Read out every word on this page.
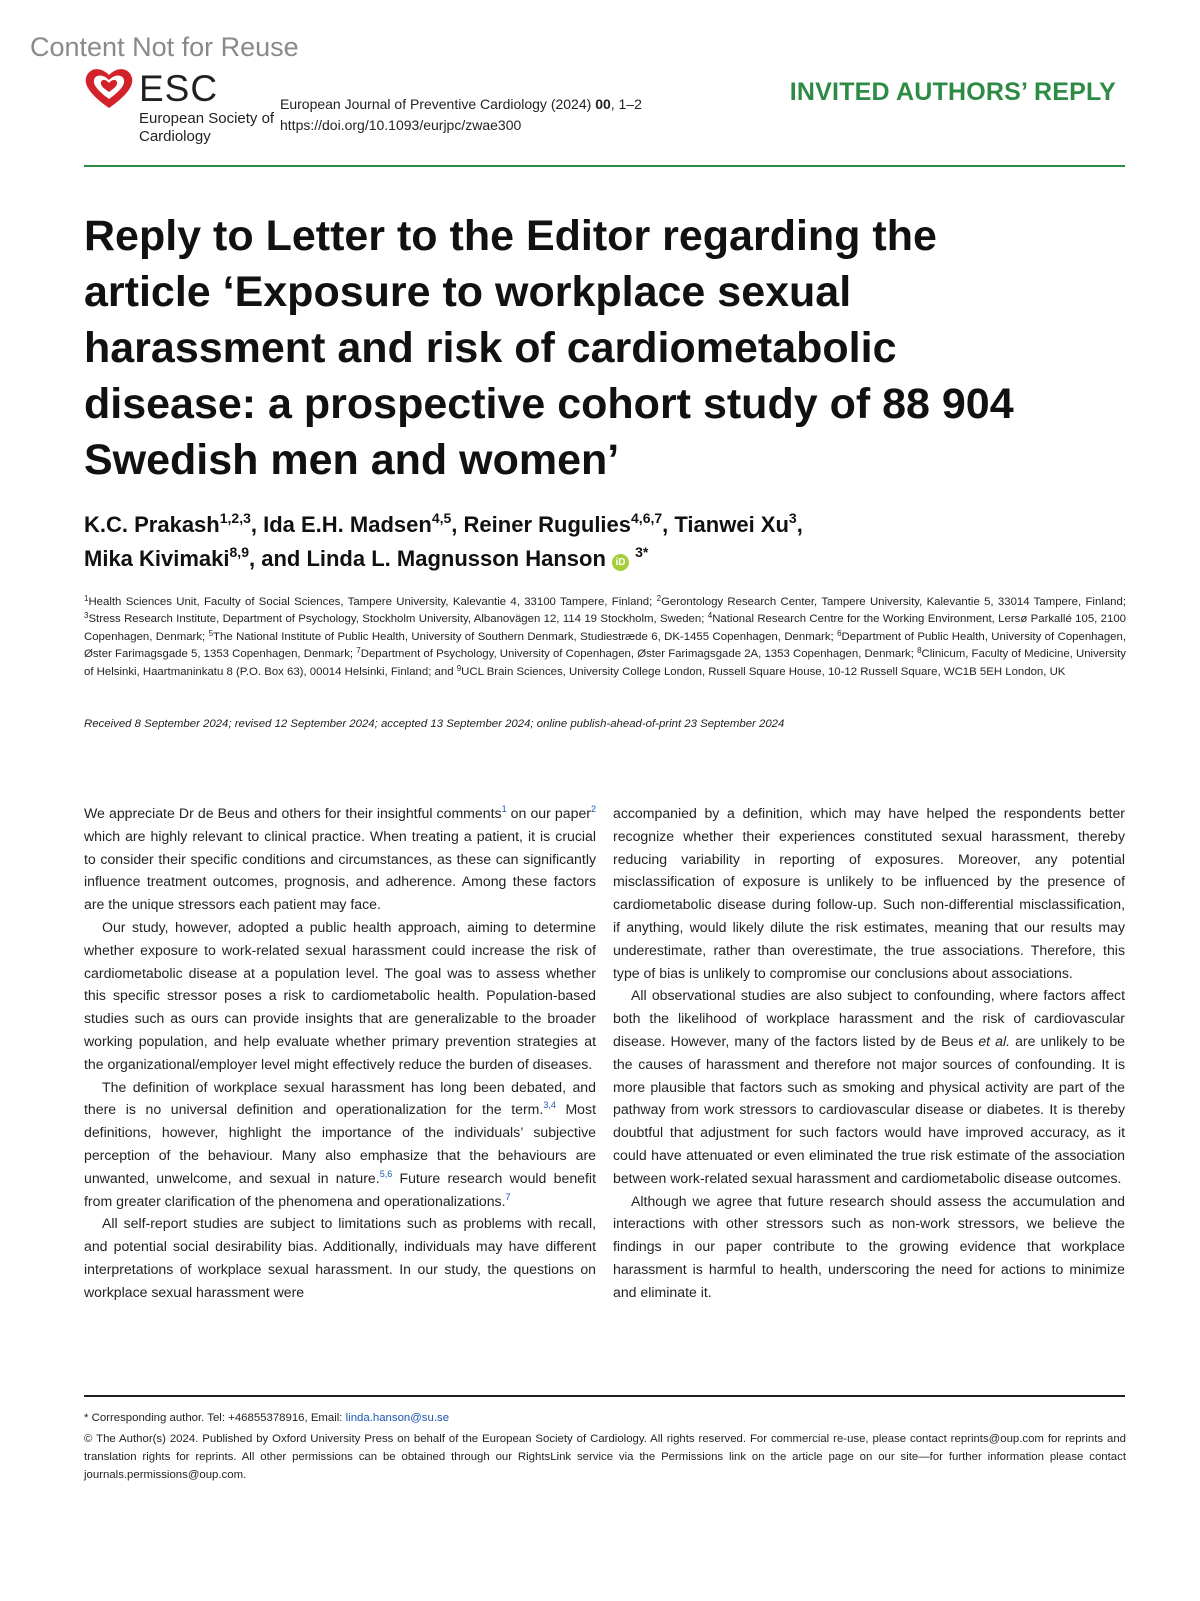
Content Not for Reuse
ESC
European Society of Cardiology
European Journal of Preventive Cardiology (2024) 00, 1–2
https://doi.org/10.1093/eurjpc/zwae300
INVITED AUTHORS’ REPLY
Reply to Letter to the Editor regarding the article ‘Exposure to workplace sexual harassment and risk of cardiometabolic disease: a prospective cohort study of 88 904 Swedish men and women’
K.C. Prakash$^{1,2,3}$, Ida E.H. Madsen$^{4,5}$, Reiner Rugulies$^{4,6,7}$, Tianwei Xu$^3$,
Mika Kivimaki$^{8,9}$, and Linda L. Magnusson Hanson iD $^{3*}$
$^1$Health Sciences Unit, Faculty of Social Sciences, Tampere University, Kalevantie 4, 33100 Tampere, Finland; $^2$Gerontology Research Center, Tampere University, Kalevantie 5, 33014 Tampere, Finland; $^3$Stress Research Institute, Department of Psychology, Stockholm University, Albanovägen 12, 114 19 Stockholm, Sweden; $^4$National Research Centre for the Working Environment, Lersø Parkallé 105, 2100 Copenhagen, Denmark; $^5$The National Institute of Public Health, University of Southern Denmark, Studiestræde 6, DK-1455 Copenhagen, Denmark; $^6$Department of Public Health, University of Copenhagen, Øster Farimagsgade 5, 1353 Copenhagen, Denmark; $^7$Department of Psychology, University of Copenhagen, Øster Farimagsgade 2A, 1353 Copenhagen, Denmark; $^8$Clinicum, Faculty of Medicine, University of Helsinki, Haartmaninkatu 8 (P.O. Box 63), 00014 Helsinki, Finland; and $^9$UCL Brain Sciences, University College London, Russell Square House, 10-12 Russell Square, WC1B 5EH London, UK
Received 8 September 2024; revised 12 September 2024; accepted 13 September 2024; online publish-ahead-of-print 23 September 2024

We appreciate Dr de Beus and others for their insightful comments$^1$ on our paper$^2$ which are highly relevant to clinical practice. When treating a patient, it is crucial to consider their specific conditions and circumstances, as these can significantly influence treatment outcomes, prognosis, and adherence. Among these factors are the unique stressors each patient may face.

Our study, however, adopted a public health approach, aiming to determine whether exposure to work-related sexual harassment could increase the risk of cardiometabolic disease at a population level. The goal was to assess whether this specific stressor poses a risk to cardiometabolic health. Population-based studies such as ours can provide insights that are generalizable to the broader working population, and help evaluate whether primary prevention strategies at the organizational/employer level might effectively reduce the burden of diseases.

The definition of workplace sexual harassment has long been debated, and there is no universal definition and operationalization for the term.$^{3,4}$ Most definitions, however, highlight the importance of the individuals’ subjective perception of the behaviour. Many also emphasize that the behaviours are unwanted, unwelcome, and sexual in nature.$^{5,6}$ Future research would benefit from greater clarification of the phenomena and operationalizations.$^7$

All self-report studies are subject to limitations such as problems with recall, and potential social desirability bias. Additionally, individuals may have different interpretations of workplace sexual harassment. In our study, the questions on workplace sexual harassment were

accompanied by a definition, which may have helped the respondents better recognize whether their experiences constituted sexual harassment, thereby reducing variability in reporting of exposures. Moreover, any potential misclassification of exposure is unlikely to be influenced by the presence of cardiometabolic disease during follow-up. Such non-differential misclassification, if anything, would likely dilute the risk estimates, meaning that our results may underestimate, rather than overestimate, the true associations. Therefore, this type of bias is unlikely to compromise our conclusions about associations.

All observational studies are also subject to confounding, where factors affect both the likelihood of workplace harassment and the risk of cardiovascular disease. However, many of the factors listed by de Beus et al. are unlikely to be the causes of harassment and therefore not major sources of confounding. It is more plausible that factors such as smoking and physical activity are part of the pathway from work stressors to cardiovascular disease or diabetes. It is thereby doubtful that adjustment for such factors would have improved accuracy, as it could have attenuated or even eliminated the true risk estimate of the association between work-related sexual harassment and cardiometabolic disease outcomes.

Although we agree that future research should assess the accumulation and interactions with other stressors such as non-work stressors, we believe the findings in our paper contribute to the growing evidence that workplace harassment is harmful to health, underscoring the need for actions to minimize and eliminate it.

* Corresponding author. Tel: +46855378916, Email: linda.hanson@su.se
© The Author(s) 2024. Published by Oxford University Press on behalf of the European Society of Cardiology. All rights reserved. For commercial re-use, please contact reprints@oup.com for reprints and translation rights for reprints. All other permissions can be obtained through our RightsLink service via the Permissions link on the article page on our site—for further information please contact journals.permissions@oup.com.
